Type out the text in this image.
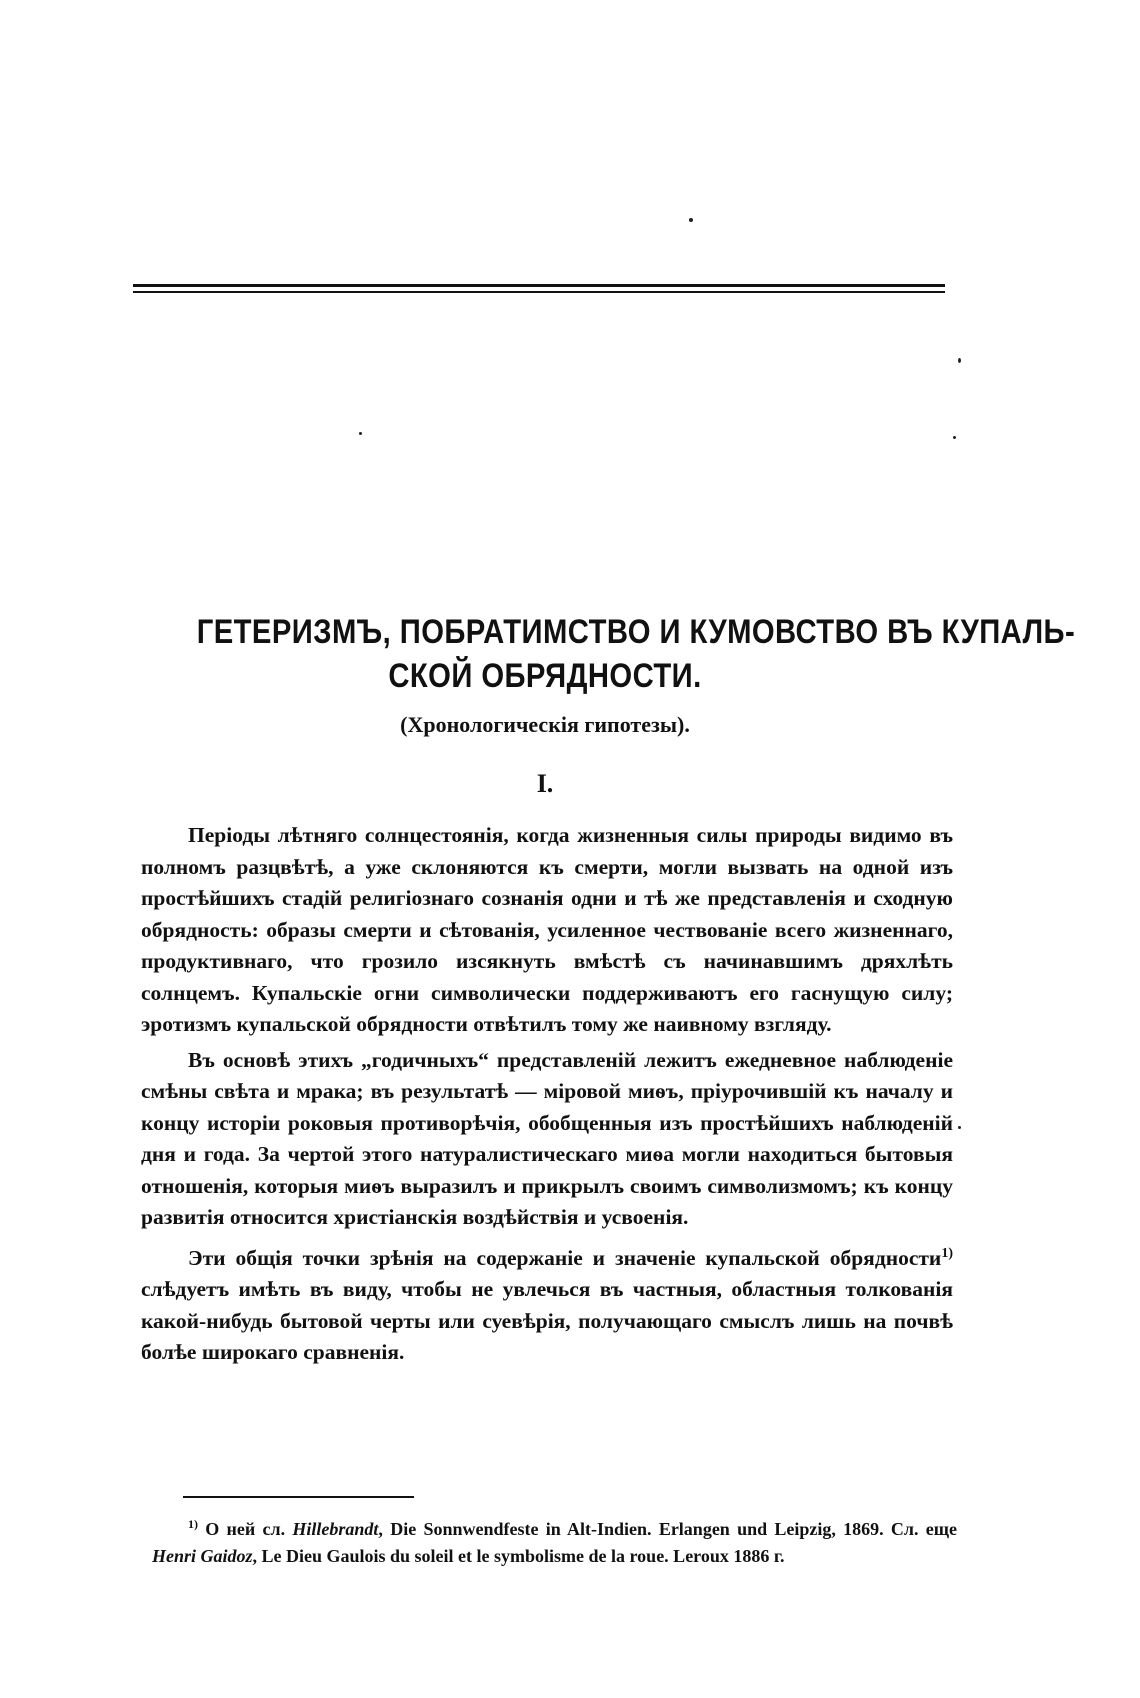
ГЕТЕРИЗМЪ, ПОБРАТИМСТВО И КУМОВСТВО ВЪ КУПАЛЬ-
СКОЙ ОБРЯДНОСТИ.
(Хронологическія гипотезы).
I.

Періоды лѣтняго солнцестоянія, когда жизненныя силы природы видимо въ полномъ разцвѣтѣ, а уже склоняются къ смерти, могли вызвать на одной изъ простѣйшихъ стадій религіознаго сознанія одни и тѣ же представленія и сходную обрядность: образы смерти и сѣтованія, усиленное чествованіе всего жизненнаго, продуктивнаго, что грозило изсякнуть вмѣстѣ съ начинавшимъ дряхлѣть солнцемъ. Купальскіе огни символически поддерживаютъ его гаснущую силу; эротизмъ купальской обрядности отвѣтилъ тому же наивному взгляду.

Въ основѣ этихъ „годичныхъ“ представленій лежитъ ежедневное наблюденіе смѣны свѣта и мрака; въ результатѣ — міровой миѳъ, пріурочившій къ началу и концу исторіи роковыя противорѣчія, обобщенныя изъ простѣйшихъ наблюденій дня и года. За чертой этого натуралистическаго миѳа могли находиться бытовыя отношенія, которыя миѳъ выразилъ и прикрылъ своимъ символизмомъ; къ концу развитія относится христіанскія воздѣйствія и усвоенія.

Эти общія точки зрѣнія на содержаніе и значеніе купальской обрядности$^{1)}$ слѣдуетъ имѣть въ виду, чтобы не увлечься въ частныя, областныя толкованія какой-нибудь бытовой черты или суевѣрія, получающаго смыслъ лишь на почвѣ болѣе широкаго сравненія.

$^{1)}$ О ней сл. Hillebrandt, Die Sonnwendfeste in Alt-Indien. Erlangen und Leipzig, 1869. Сл. еще Henri Gaidoz, Le Dieu Gaulois du soleil et le symbolisme de la roue. Leroux 1886 г.
